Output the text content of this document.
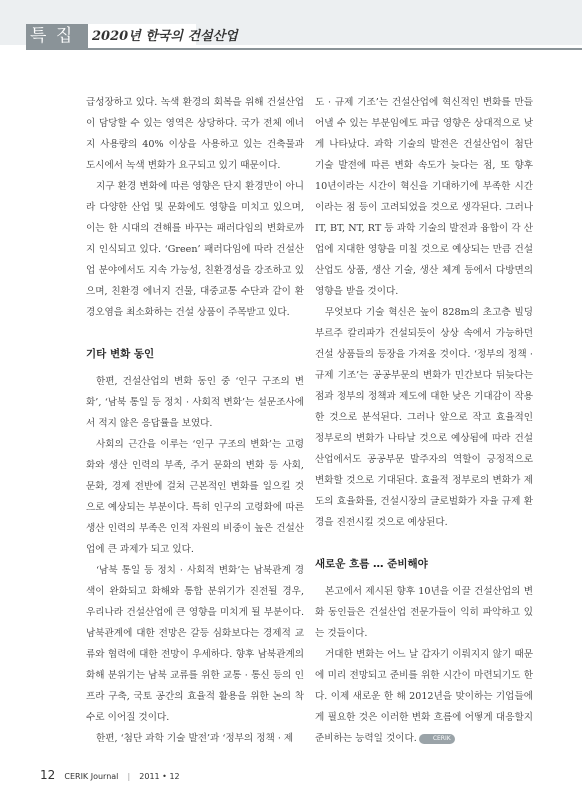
특 집 2020년 한국의 건설산업

급성장하고 있다. 녹색 환경의 회복을 위해 건설산업이 담당할 수 있는 영역은 상당하다. 국가 전체 에너지 사용량의 40% 이상을 사용하고 있는 건축물과 도시에서 녹색 변화가 요구되고 있기 때문이다.

지구 환경 변화에 따른 영향은 단지 환경만이 아니라 다양한 산업 및 문화에도 영향을 미치고 있으며, 이는 한 시대의 견해를 바꾸는 패러다임의 변화로까지 인식되고 있다. ‘Green’ 패러다임에 따라 건설산업 분야에서도 지속 가능성, 친환경성을 강조하고 있으며, 친환경 에너지 건물, 대중교통 수단과 같이 환경오염을 최소화하는 건설 상품이 주목받고 있다.

기타 변화 동인

한편, 건설산업의 변화 동인 중 ‘인구 구조의 변화’, ‘남북 통일 등 정치 · 사회적 변화’는 설문조사에서 적지 않은 응답률을 보였다.

사회의 근간을 이루는 ‘인구 구조의 변화’는 고령화와 생산 인력의 부족, 주거 문화의 변화 등 사회, 문화, 경제 전반에 걸쳐 근본적인 변화를 일으킬 것으로 예상되는 부분이다. 특히 인구의 고령화에 따른 생산 인력의 부족은 인적 자원의 비중이 높은 건설산업에 큰 과제가 되고 있다.

‘남북 통일 등 정치 · 사회적 변화’는 남북관계 경색이 완화되고 화해와 통합 분위기가 진전될 경우, 우리나라 건설산업에 큰 영향을 미치게 될 부분이다. 남북관계에 대한 전망은 갈등 심화보다는 경제적 교류와 협력에 대한 전망이 우세하다. 향후 남북관계의 화해 분위기는 남북 교류를 위한 교통 · 통신 등의 인프라 구축, 국토 공간의 효율적 활용을 위한 논의 착수로 이어질 것이다.

한편, ‘첨단 과학 기술 발전’과 ‘정부의 정책 · 제

도 · 규제 기조’는 건설산업에 혁신적인 변화를 만들어낼 수 있는 부분임에도 파급 영향은 상대적으로 낮게 나타났다. 과학 기술의 발전은 건설산업이 첨단 기술 발전에 따른 변화 속도가 늦다는 점, 또 향후 10년이라는 시간이 혁신을 기대하기에 부족한 시간이라는 점 등이 고려되었을 것으로 생각된다. 그러나 IT, BT, NT, RT 등 과학 기술의 발전과 융합이 각 산업에 지대한 영향을 미칠 것으로 예상되는 만큼 건설산업도 상품, 생산 기술, 생산 체계 등에서 다방면의 영향을 받을 것이다.

무엇보다 기술 혁신은 높이 828m의 초고층 빌딩 부르주 칼리파가 건설되듯이 상상 속에서 가능하던 건설 상품들의 등장을 가져올 것이다. ‘정부의 정책 · 규제 기조’는 공공부문의 변화가 민간보다 뒤늦다는 점과 정부의 정책과 제도에 대한 낮은 기대감이 작용한 것으로 분석된다. 그러나 앞으로 작고 효율적인 정부로의 변화가 나타날 것으로 예상됨에 따라 건설산업에서도 공공부문 발주자의 역할이 긍정적으로 변화할 것으로 기대된다. 효율적 정부로의 변화가 제도의 효율화를, 건설시장의 글로벌화가 자율 규제 환경을 진전시킬 것으로 예상된다.

새로운 흐름 … 준비해야

본고에서 제시된 향후 10년을 이끌 건설산업의 변화 동인들은 건설산업 전문가들이 익히 파악하고 있는 것들이다.

거대한 변화는 어느 날 갑자기 이뤄지지 않기 때문에 미리 전망되고 준비를 위한 시간이 마련되기도 한다. 이제 새로운 한 해 2012년을 맞이하는 기업들에게 필요한 것은 이러한 변화 흐름에 어떻게 대응할지 준비하는 능력일 것이다.	CERIK

12 CERIK Journal | 2011 • 12
